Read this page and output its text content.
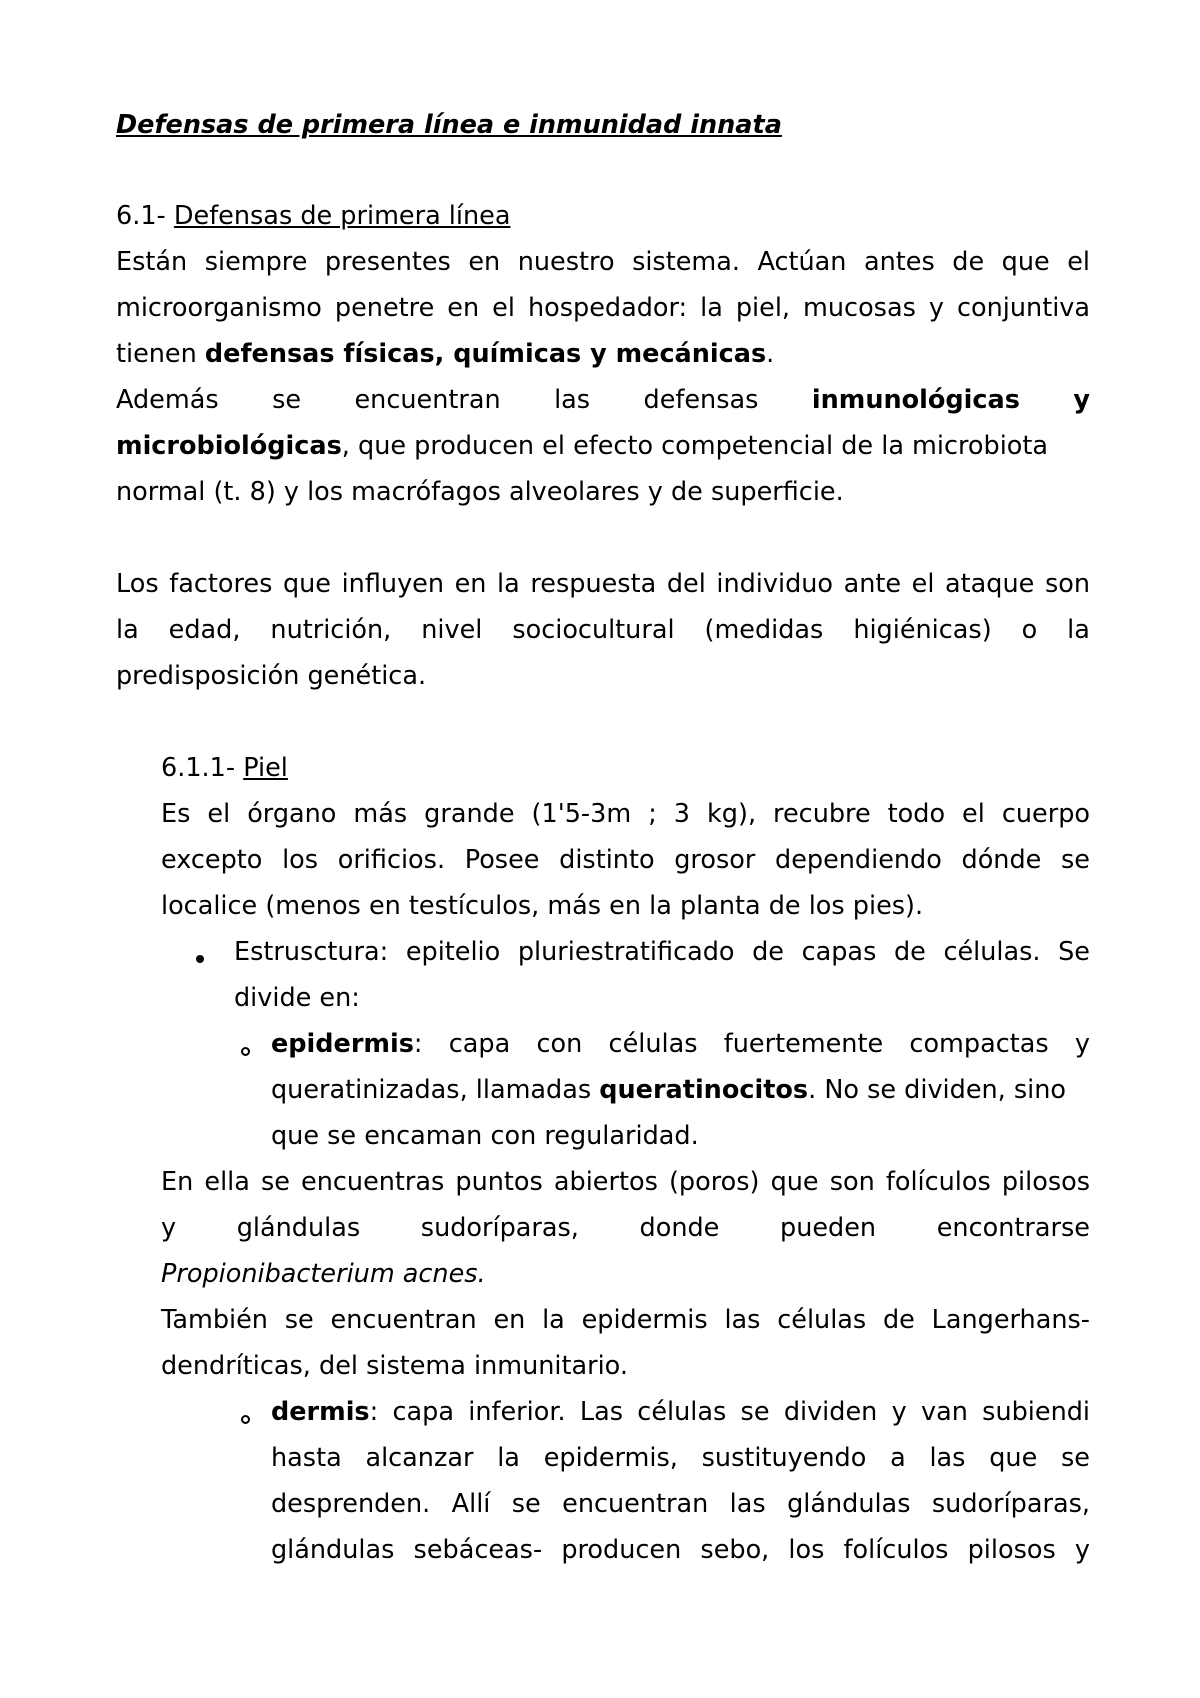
Defensas de primera línea e inmunidad innata
6.1- Defensas de primera línea
Están siempre presentes en nuestro sistema. Actúan antes de que el
microorganismo penetre en el hospedador: la piel, mucosas y conjuntiva
tienen defensas físicas, químicas y mecánicas.
Además se encuentran las defensas inmunológicas y
microbiológicas, que producen el efecto competencial de la microbiota
normal (t. 8) y los macrófagos alveolares y de superficie.
Los factores que influyen en la respuesta del individuo ante el ataque son
la edad, nutrición, nivel sociocultural (medidas higiénicas) o la
predisposición genética.
6.1.1- Piel
Es el órgano más grande (1'5-3m ; 3 kg), recubre todo el cuerpo
excepto los orificios. Posee distinto grosor dependiendo dónde se
localice (menos en testículos, más en la planta de los pies).
Estrusctura: epitelio pluriestratificado de capas de células. Se
divide en:
epidermis: capa con células fuertemente compactas y
queratinizadas, llamadas queratinocitos. No se dividen, sino
que se encaman con regularidad.
En ella se encuentras puntos abiertos (poros) que son folículos pilosos
y glándulas sudoríparas, donde pueden encontrarse
Propionibacterium acnes.
También se encuentran en la epidermis las células de Langerhans-
dendríticas, del sistema inmunitario.
dermis: capa inferior. Las células se dividen y van subiendi
hasta alcanzar la epidermis, sustituyendo a las que se
desprenden. Allí se encuentran las glándulas sudoríparas,
glándulas sebáceas- producen sebo, los folículos pilosos y
